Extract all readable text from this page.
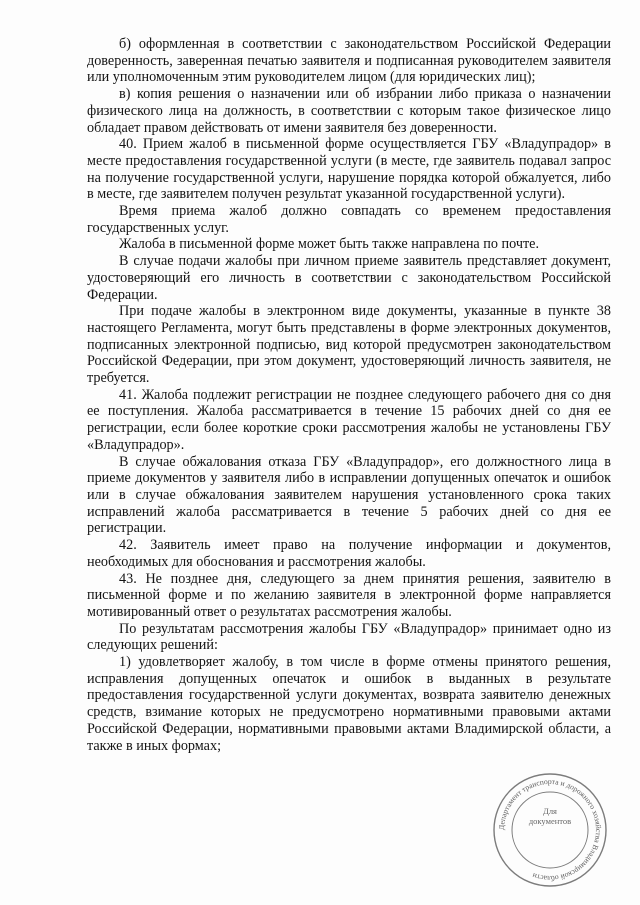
б) оформленная в соответствии с законодательством Российской Федерации доверенность, заверенная печатью заявителя и подписанная руководителем заявителя или уполномоченным этим руководителем лицом (для юридических лиц);

в) копия решения о назначении или об избрании либо приказа о назначении физического лица на должность, в соответствии с которым такое физическое лицо обладает правом действовать от имени заявителя без доверенности.

40. Прием жалоб в письменной форме осуществляется ГБУ «Владупрадор» в месте предоставления государственной услуги (в месте, где заявитель подавал запрос на получение государственной услуги, нарушение порядка которой обжалуется, либо в месте, где заявителем получен результат указанной государственной услуги).

Время приема жалоб должно совпадать со временем предоставления государственных услуг.

Жалоба в письменной форме может быть также направлена по почте.

В случае подачи жалобы при личном приеме заявитель представляет документ, удостоверяющий его личность в соответствии с законодательством Российской Федерации.

При подаче жалобы в электронном виде документы, указанные в пункте 38 настоящего Регламента, могут быть представлены в форме электронных документов, подписанных электронной подписью, вид которой предусмотрен законодательством Российской Федерации, при этом документ, удостоверяющий личность заявителя, не требуется.

41. Жалоба подлежит регистрации не позднее следующего рабочего дня со дня ее поступления. Жалоба рассматривается в течение 15 рабочих дней со дня ее регистрации, если более короткие сроки рассмотрения жалобы не установлены ГБУ «Владупрадор».

В случае обжалования отказа ГБУ «Владупрадор», его должностного лица в приеме документов у заявителя либо в исправлении допущенных опечаток и ошибок или в случае обжалования заявителем нарушения установленного срока таких исправлений жалоба рассматривается в течение 5 рабочих дней со дня ее регистрации.

42. Заявитель имеет право на получение информации и документов, необходимых для обоснования и рассмотрения жалобы.

43. Не позднее дня, следующего за днем принятия решения, заявителю в письменной форме и по желанию заявителя в электронной форме направляется мотивированный ответ о результатах рассмотрения жалобы.

По результатам рассмотрения жалобы ГБУ «Владупрадор» принимает одно из следующих решений:

1) удовлетворяет жалобу, в том числе в форме отмены принятого решения, исправления допущенных опечаток и ошибок в выданных в результате предоставления государственной услуги документах, возврата заявителю денежных средств, взимание которых не предусмотрено нормативными правовыми актами Российской Федерации, нормативными правовыми актами Владимирской области, а также в иных формах;

Департамент транспорта и дорожного хозяйства Владимирской области
Для
документов
